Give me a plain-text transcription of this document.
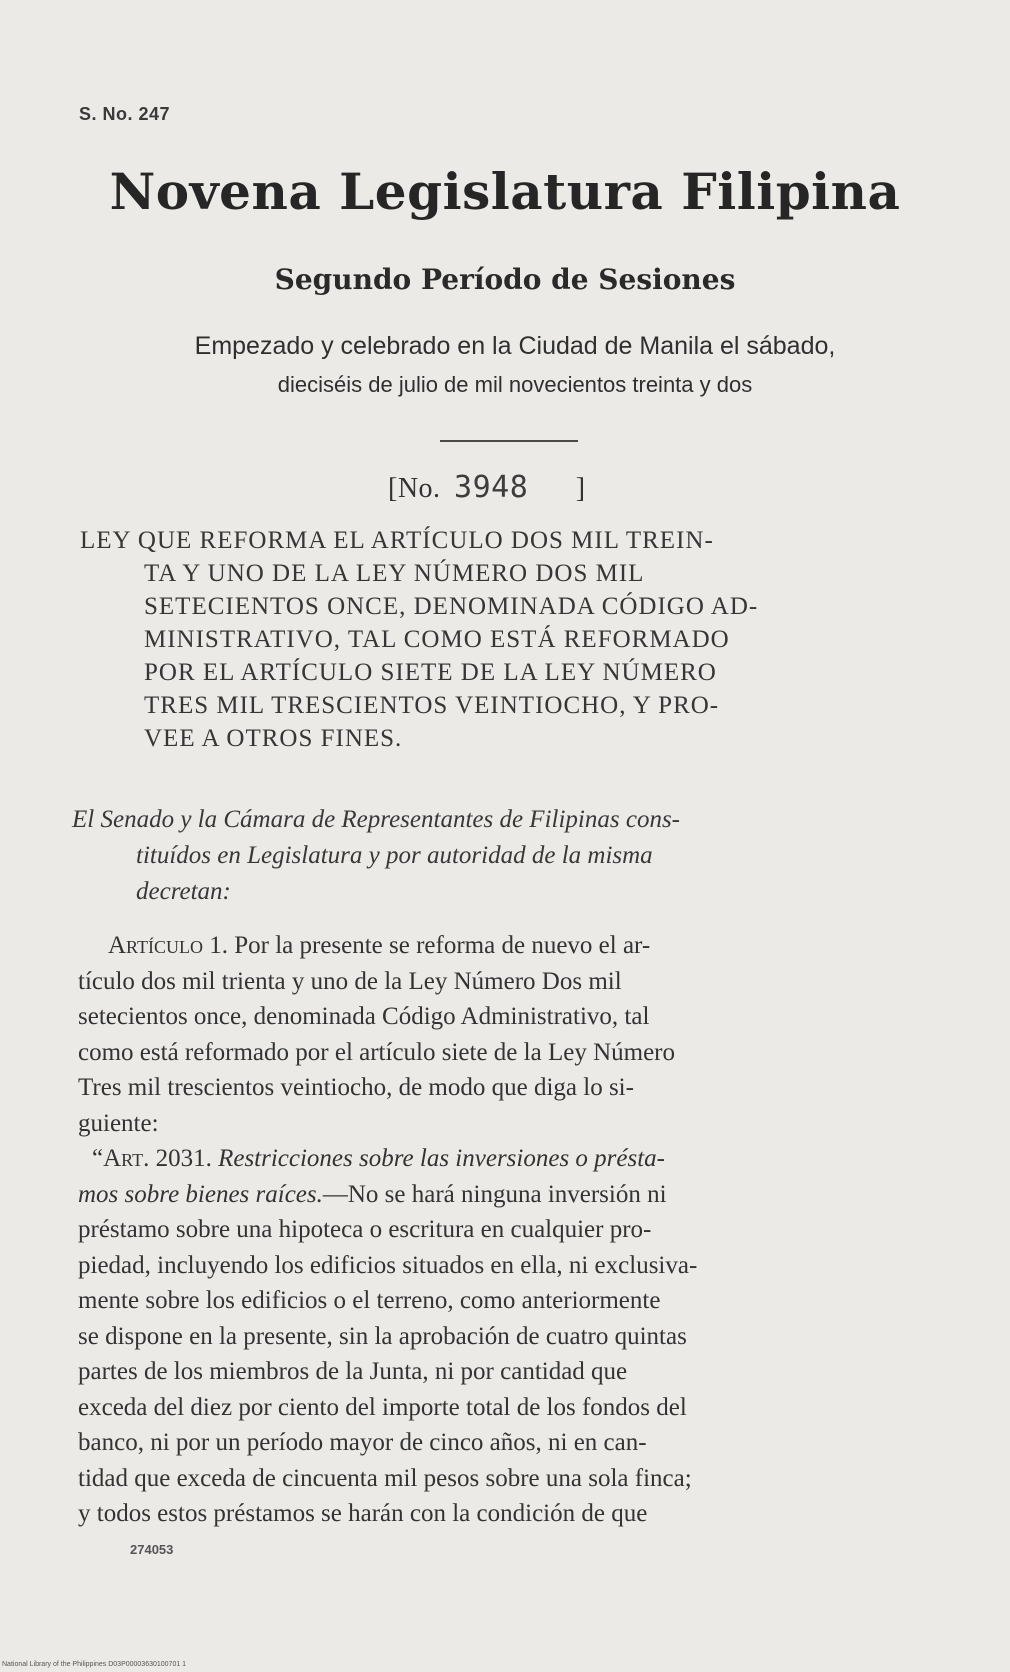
S. No. 247
Novena Legislatura Filipina
Segundo Período de Sesiones
Empezado y celebrado en la Ciudad de Manila el sábado,
dieciséis de julio de mil novecientos treinta y dos
[No. 3948 ]
LEY QUE REFORMA EL ARTÍCULO DOS MIL TREIN-
TA Y UNO DE LA LEY NÚMERO DOS MIL
SETECIENTOS ONCE, DENOMINADA CÓDIGO AD-
MINISTRATIVO, TAL COMO ESTÁ REFORMADO
POR EL ARTÍCULO SIETE DE LA LEY NÚMERO
TRES MIL TRESCIENTOS VEINTIOCHO, Y PRO-
VEE A OTROS FINES.
El Senado y la Cámara de Representantes de Filipinas cons-
tituídos en Legislatura y por autoridad de la misma
decretan:
Artículo 1. Por la presente se reforma de nuevo el ar-
tículo dos mil trienta y uno de la Ley Número Dos mil
setecientos once, denominada Código Administrativo, tal
como está reformado por el artículo siete de la Ley Número
Tres mil trescientos veintiocho, de modo que diga lo si-
guiente:
“Art. 2031. Restricciones sobre las inversiones o présta-
mos sobre bienes raíces.—No se hará ninguna inversión ni
préstamo sobre una hipoteca o escritura en cualquier pro-
piedad, incluyendo los edificios situados en ella, ni exclusiva-
mente sobre los edificios o el terreno, como anteriormente
se dispone en la presente, sin la aprobación de cuatro quintas
partes de los miembros de la Junta, ni por cantidad que
exceda del diez por ciento del importe total de los fondos del
banco, ni por un período mayor de cinco años, ni en can-
tidad que exceda de cincuenta mil pesos sobre una sola finca;
y todos estos préstamos se harán con la condición de que
274053
National Library of the Philippines D03P00003630100701 1
